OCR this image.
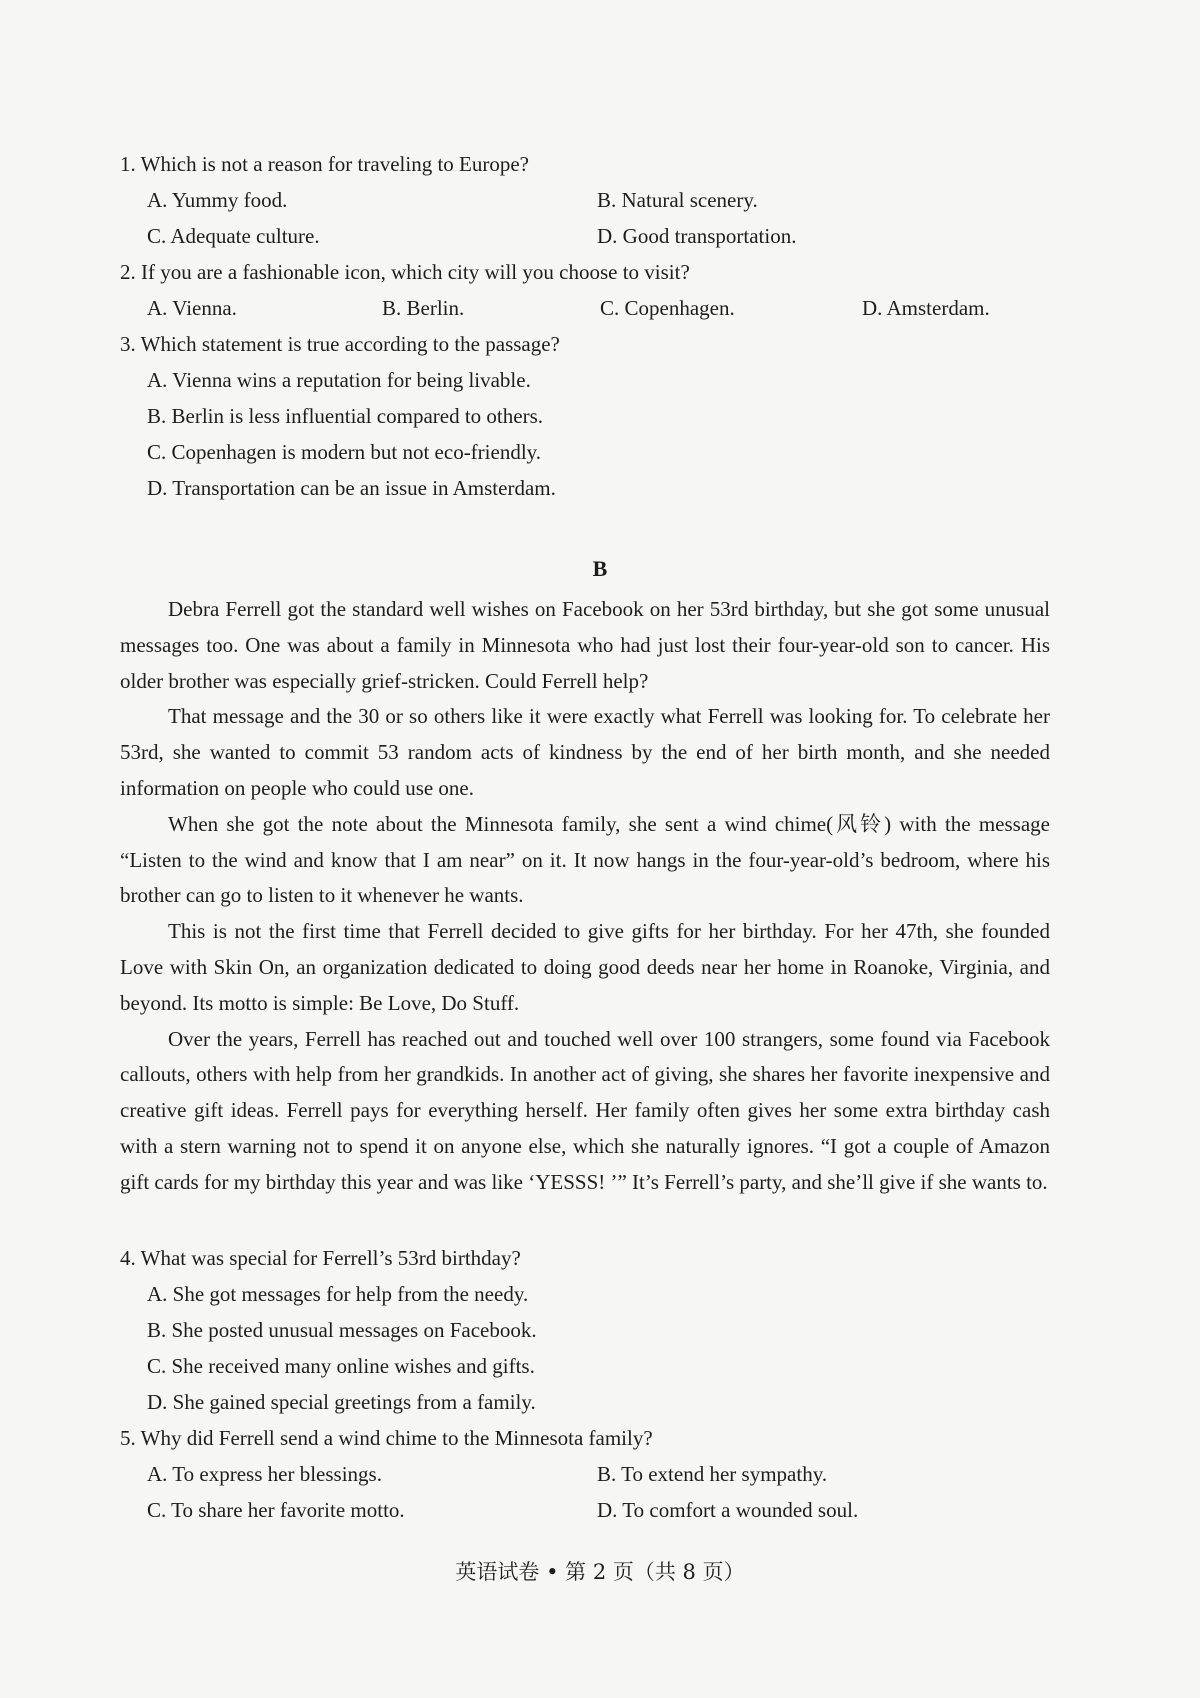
1. Which is not a reason for traveling to Europe?

A. Yummy food.	B. Natural scenery.
C. Adequate culture.	D. Good transportation.

2. If you are a fashionable icon, which city will you choose to visit?

A. Vienna.	B. Berlin.	C. Copenhagen.	D. Amsterdam.

3. Which statement is true according to the passage?

A. Vienna wins a reputation for being livable.

B. Berlin is less influential compared to others.

C. Copenhagen is modern but not eco-friendly.

D. Transportation can be an issue in Amsterdam.

B

Debra Ferrell got the standard well wishes on Facebook on her 53rd birthday, but she got some unusual messages too. One was about a family in Minnesota who had just lost their four-year-old son to cancer. His older brother was especially grief-stricken. Could Ferrell help?

That message and the 30 or so others like it were exactly what Ferrell was looking for. To celebrate her 53rd, she wanted to commit 53 random acts of kindness by the end of her birth month, and she needed information on people who could use one.

When she got the note about the Minnesota family, she sent a wind chime(风铃) with the message “Listen to the wind and know that I am near” on it. It now hangs in the four-year-old’s bedroom, where his brother can go to listen to it whenever he wants.

This is not the first time that Ferrell decided to give gifts for her birthday. For her 47th, she founded Love with Skin On, an organization dedicated to doing good deeds near her home in Roanoke, Virginia, and beyond. Its motto is simple: Be Love, Do Stuff.

Over the years, Ferrell has reached out and touched well over 100 strangers, some found via Facebook callouts, others with help from her grandkids. In another act of giving, she shares her favorite inexpensive and creative gift ideas. Ferrell pays for everything herself. Her family often gives her some extra birthday cash with a stern warning not to spend it on anyone else, which she naturally ignores. “I got a couple of Amazon gift cards for my birthday this year and was like ‘YESSS! ’” It’s Ferrell’s party, and she’ll give if she wants to.

4. What was special for Ferrell’s 53rd birthday?

A. She got messages for help from the needy.

B. She posted unusual messages on Facebook.

C. She received many online wishes and gifts.

D. She gained special greetings from a family.

5. Why did Ferrell send a wind chime to the Minnesota family?

A. To express her blessings.	B. To extend her sympathy.
C. To share her favorite motto.	D. To comfort a wounded soul.
英语试卷 • 第 2 页（共 8 页）
